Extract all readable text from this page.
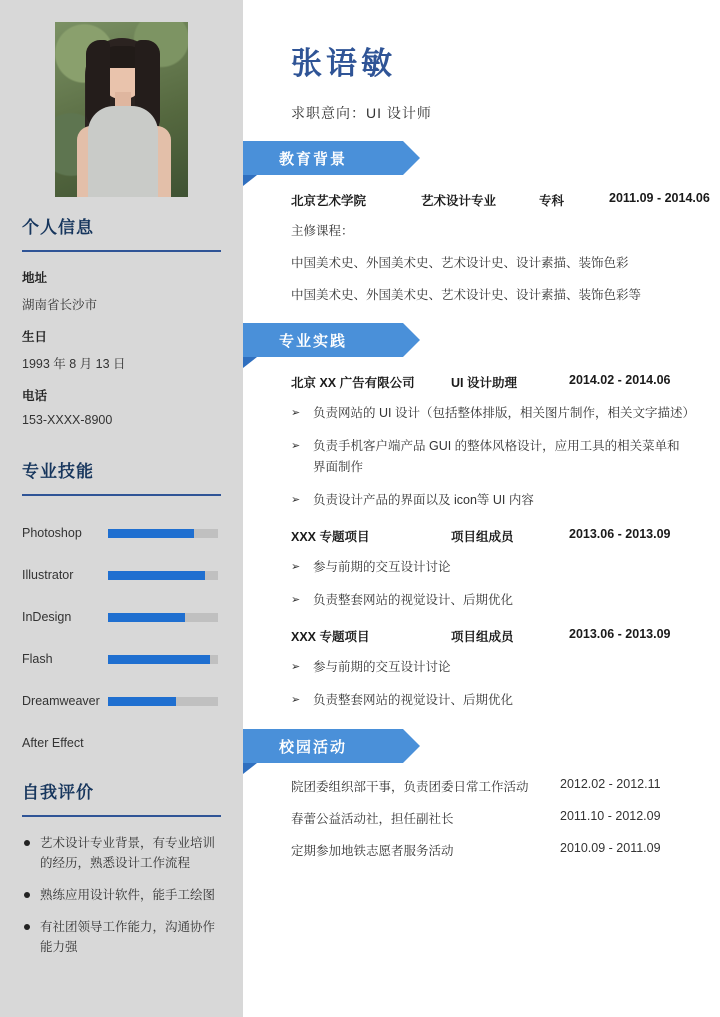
个人信息
地址
湖南省长沙市
生日
1993 年 8 月 13 日
电话
153-XXXX-8900
专业技能
Photoshop
Illustrator
InDesign
Flash
Dreamweaver
After Effect
自我评价
艺术设计专业背景，有专业培训的经历，熟悉设计工作流程
熟练应用设计软件，能手工绘图
有社团领导工作能力，沟通协作能力强
张语敏
求职意向：UI 设计师
教育背景
北京艺术学院	艺术设计专业	专科	2011.09 - 2014.06
主修课程：
中国美术史、外国美术史、艺术设计史、设计素描、装饰色彩
中国美术史、外国美术史、艺术设计史、设计素描、装饰色彩等
专业实践
北京 XX 广告有限公司	UI 设计助理	2014.02 - 2014.06
➢ 负责网站的 UI 设计（包括整体排版，相关图片制作，相关文字描述）
➢ 负责手机客户端产品 GUI 的整体风格设计，应用工具的相关菜单和界面制作
➢ 负责设计产品的界面以及 icon等 UI 内容
XXX 专题项目	项目组成员	2013.06 - 2013.09
➢ 参与前期的交互设计讨论
➢ 负责整套网站的视觉设计、后期优化
XXX 专题项目	项目组成员	2013.06 - 2013.09
➢ 参与前期的交互设计讨论
➢ 负责整套网站的视觉设计、后期优化
校园活动
院团委组织部干事，负责团委日常工作活动	2012.02 - 2012.11
春蕾公益活动社，担任副社长	2011.10 - 2012.09
定期参加地铁志愿者服务活动	2010.09 - 2011.09
